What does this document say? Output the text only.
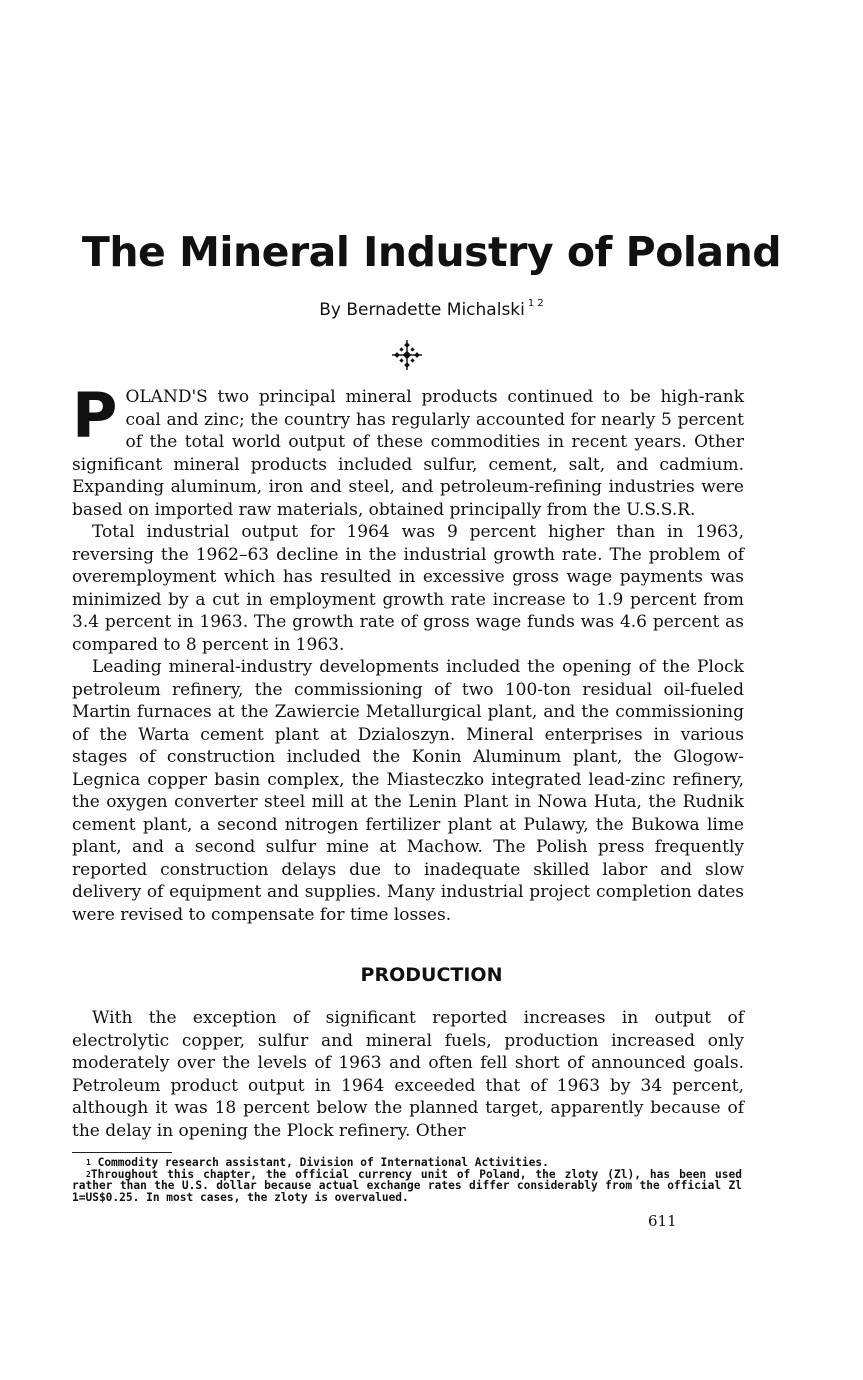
The Mineral Industry of Poland

By Bernadette Michalski $^{1 2}$

POLAND'S two principal mineral products continued to be high-rank coal and zinc; the country has regularly accounted for nearly 5 percent of the total world output of these commodities in recent years. Other significant mineral products included sulfur, cement, salt, and cadmium. Expanding aluminum, iron and steel, and petroleum-refining industries were based on imported raw materials, obtained principally from the U.S.S.R.

Total industrial output for 1964 was 9 percent higher than in 1963, reversing the 1962–63 decline in the industrial growth rate. The problem of overemployment which has resulted in excessive gross wage payments was minimized by a cut in employment growth rate increase to 1.9 percent from 3.4 percent in 1963. The growth rate of gross wage funds was 4.6 percent as compared to 8 percent in 1963.

Leading mineral-industry developments included the opening of the Plock petroleum refinery, the commissioning of two 100-ton residual oil-fueled Martin furnaces at the Zawiercie Metallurgical plant, and the commissioning of the Warta cement plant at Dzialoszyn. Mineral enterprises in various stages of construction included the Konin Aluminum plant, the Glogow-Legnica copper basin complex, the Miasteczko integrated lead-zinc refinery, the oxygen converter steel mill at the Lenin Plant in Nowa Huta, the Rudnik cement plant, a second nitrogen fertilizer plant at Pulawy, the Bukowa lime plant, and a second sulfur mine at Machow. The Polish press frequently reported construction delays due to inadequate skilled labor and slow delivery of equipment and supplies. Many industrial project completion dates were revised to compensate for time losses.

PRODUCTION

With the exception of significant reported increases in output of electrolytic copper, sulfur and mineral fuels, production increased only moderately over the levels of 1963 and often fell short of announced goals. Petroleum product output in 1964 exceeded that of 1963 by 34 percent, although it was 18 percent below the planned target, apparently because of the delay in opening the Plock refinery. Other

$^1$ Commodity research assistant, Division of International Activities.

$^2$Throughout this chapter, the official currency unit of Poland, the zloty (Zl), has been used rather than the U.S. dollar because actual exchange rates differ considerably from the official Zl 1=US$0.25. In most cases, the zloty is overvalued.

611
